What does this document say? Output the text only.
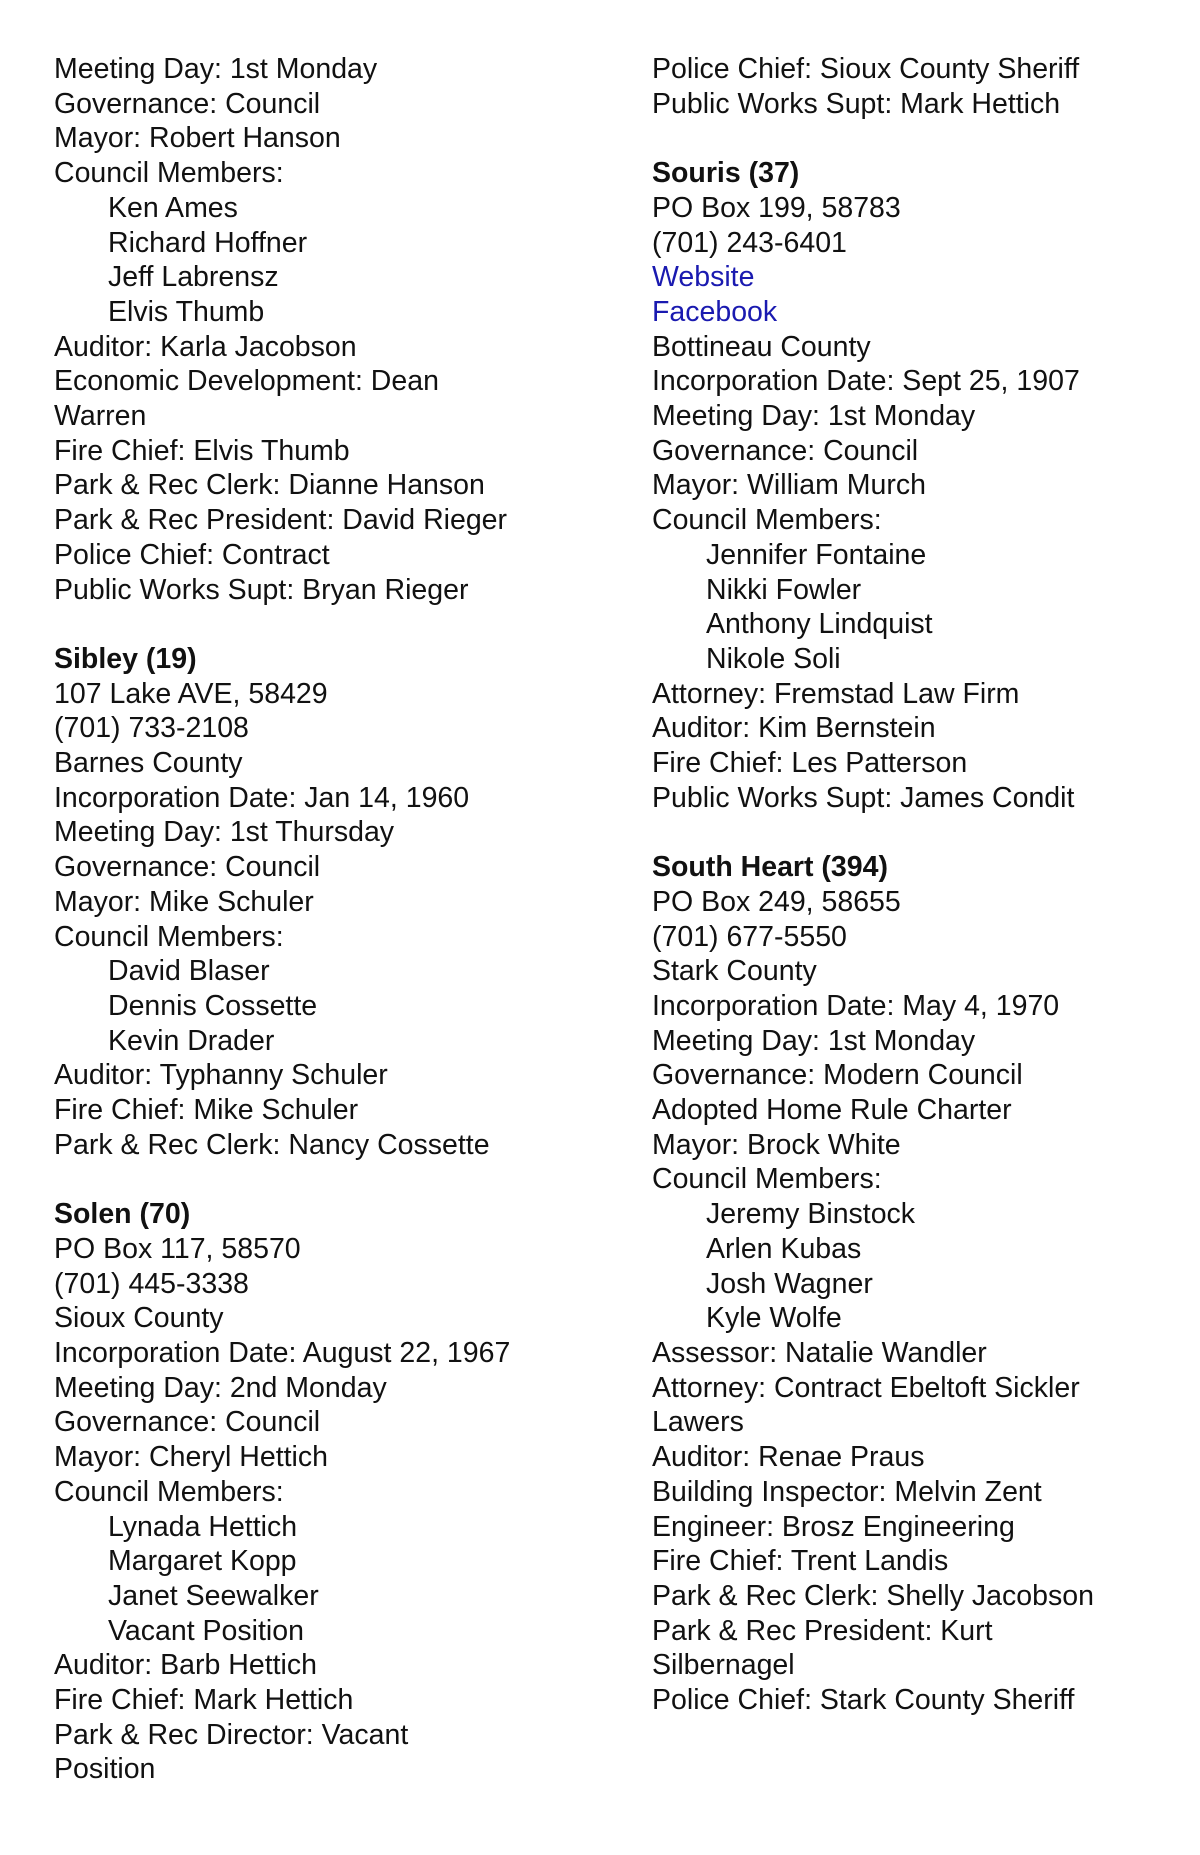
Meeting Day: 1st Monday
Governance: Council
Mayor: Robert Hanson
Council Members:
Ken Ames
Richard Hoffner
Jeff Labrensz
Elvis Thumb
Auditor: Karla Jacobson
Economic Development: Dean
Warren
Fire Chief: Elvis Thumb
Park & Rec Clerk: Dianne Hanson
Park & Rec President: David Rieger
Police Chief: Contract
Public Works Supt: Bryan Rieger
Sibley (19)
107 Lake AVE, 58429
(701) 733-2108
Barnes County
Incorporation Date: Jan 14, 1960
Meeting Day: 1st Thursday
Governance: Council
Mayor: Mike Schuler
Council Members:
David Blaser
Dennis Cossette
Kevin Drader
Auditor: Typhanny Schuler
Fire Chief: Mike Schuler
Park & Rec Clerk: Nancy Cossette
Solen (70)
PO Box 117, 58570
(701) 445-3338
Sioux County
Incorporation Date: August 22, 1967
Meeting Day: 2nd Monday
Governance: Council
Mayor: Cheryl Hettich
Council Members:
Lynada Hettich
Margaret Kopp
Janet Seewalker
Vacant Position
Auditor: Barb Hettich
Fire Chief: Mark Hettich
Park & Rec Director: Vacant
Position
Police Chief: Sioux County Sheriff
Public Works Supt: Mark Hettich
Souris (37)
PO Box 199, 58783
(701) 243-6401
Website
Facebook
Bottineau County
Incorporation Date: Sept 25, 1907
Meeting Day: 1st Monday
Governance: Council
Mayor: William Murch
Council Members:
Jennifer Fontaine
Nikki Fowler
Anthony Lindquist
Nikole Soli
Attorney: Fremstad Law Firm
Auditor: Kim Bernstein
Fire Chief: Les Patterson
Public Works Supt: James Condit
South Heart (394)
PO Box 249, 58655
(701) 677-5550
Stark County
Incorporation Date: May 4, 1970
Meeting Day: 1st Monday
Governance: Modern Council
Adopted Home Rule Charter
Mayor: Brock White
Council Members:
Jeremy Binstock
Arlen Kubas
Josh Wagner
Kyle Wolfe
Assessor: Natalie Wandler
Attorney: Contract Ebeltoft Sickler
Lawers
Auditor: Renae Praus
Building Inspector: Melvin Zent
Engineer: Brosz Engineering
Fire Chief: Trent Landis
Park & Rec Clerk: Shelly Jacobson
Park & Rec President: Kurt
Silbernagel
Police Chief: Stark County Sheriff
